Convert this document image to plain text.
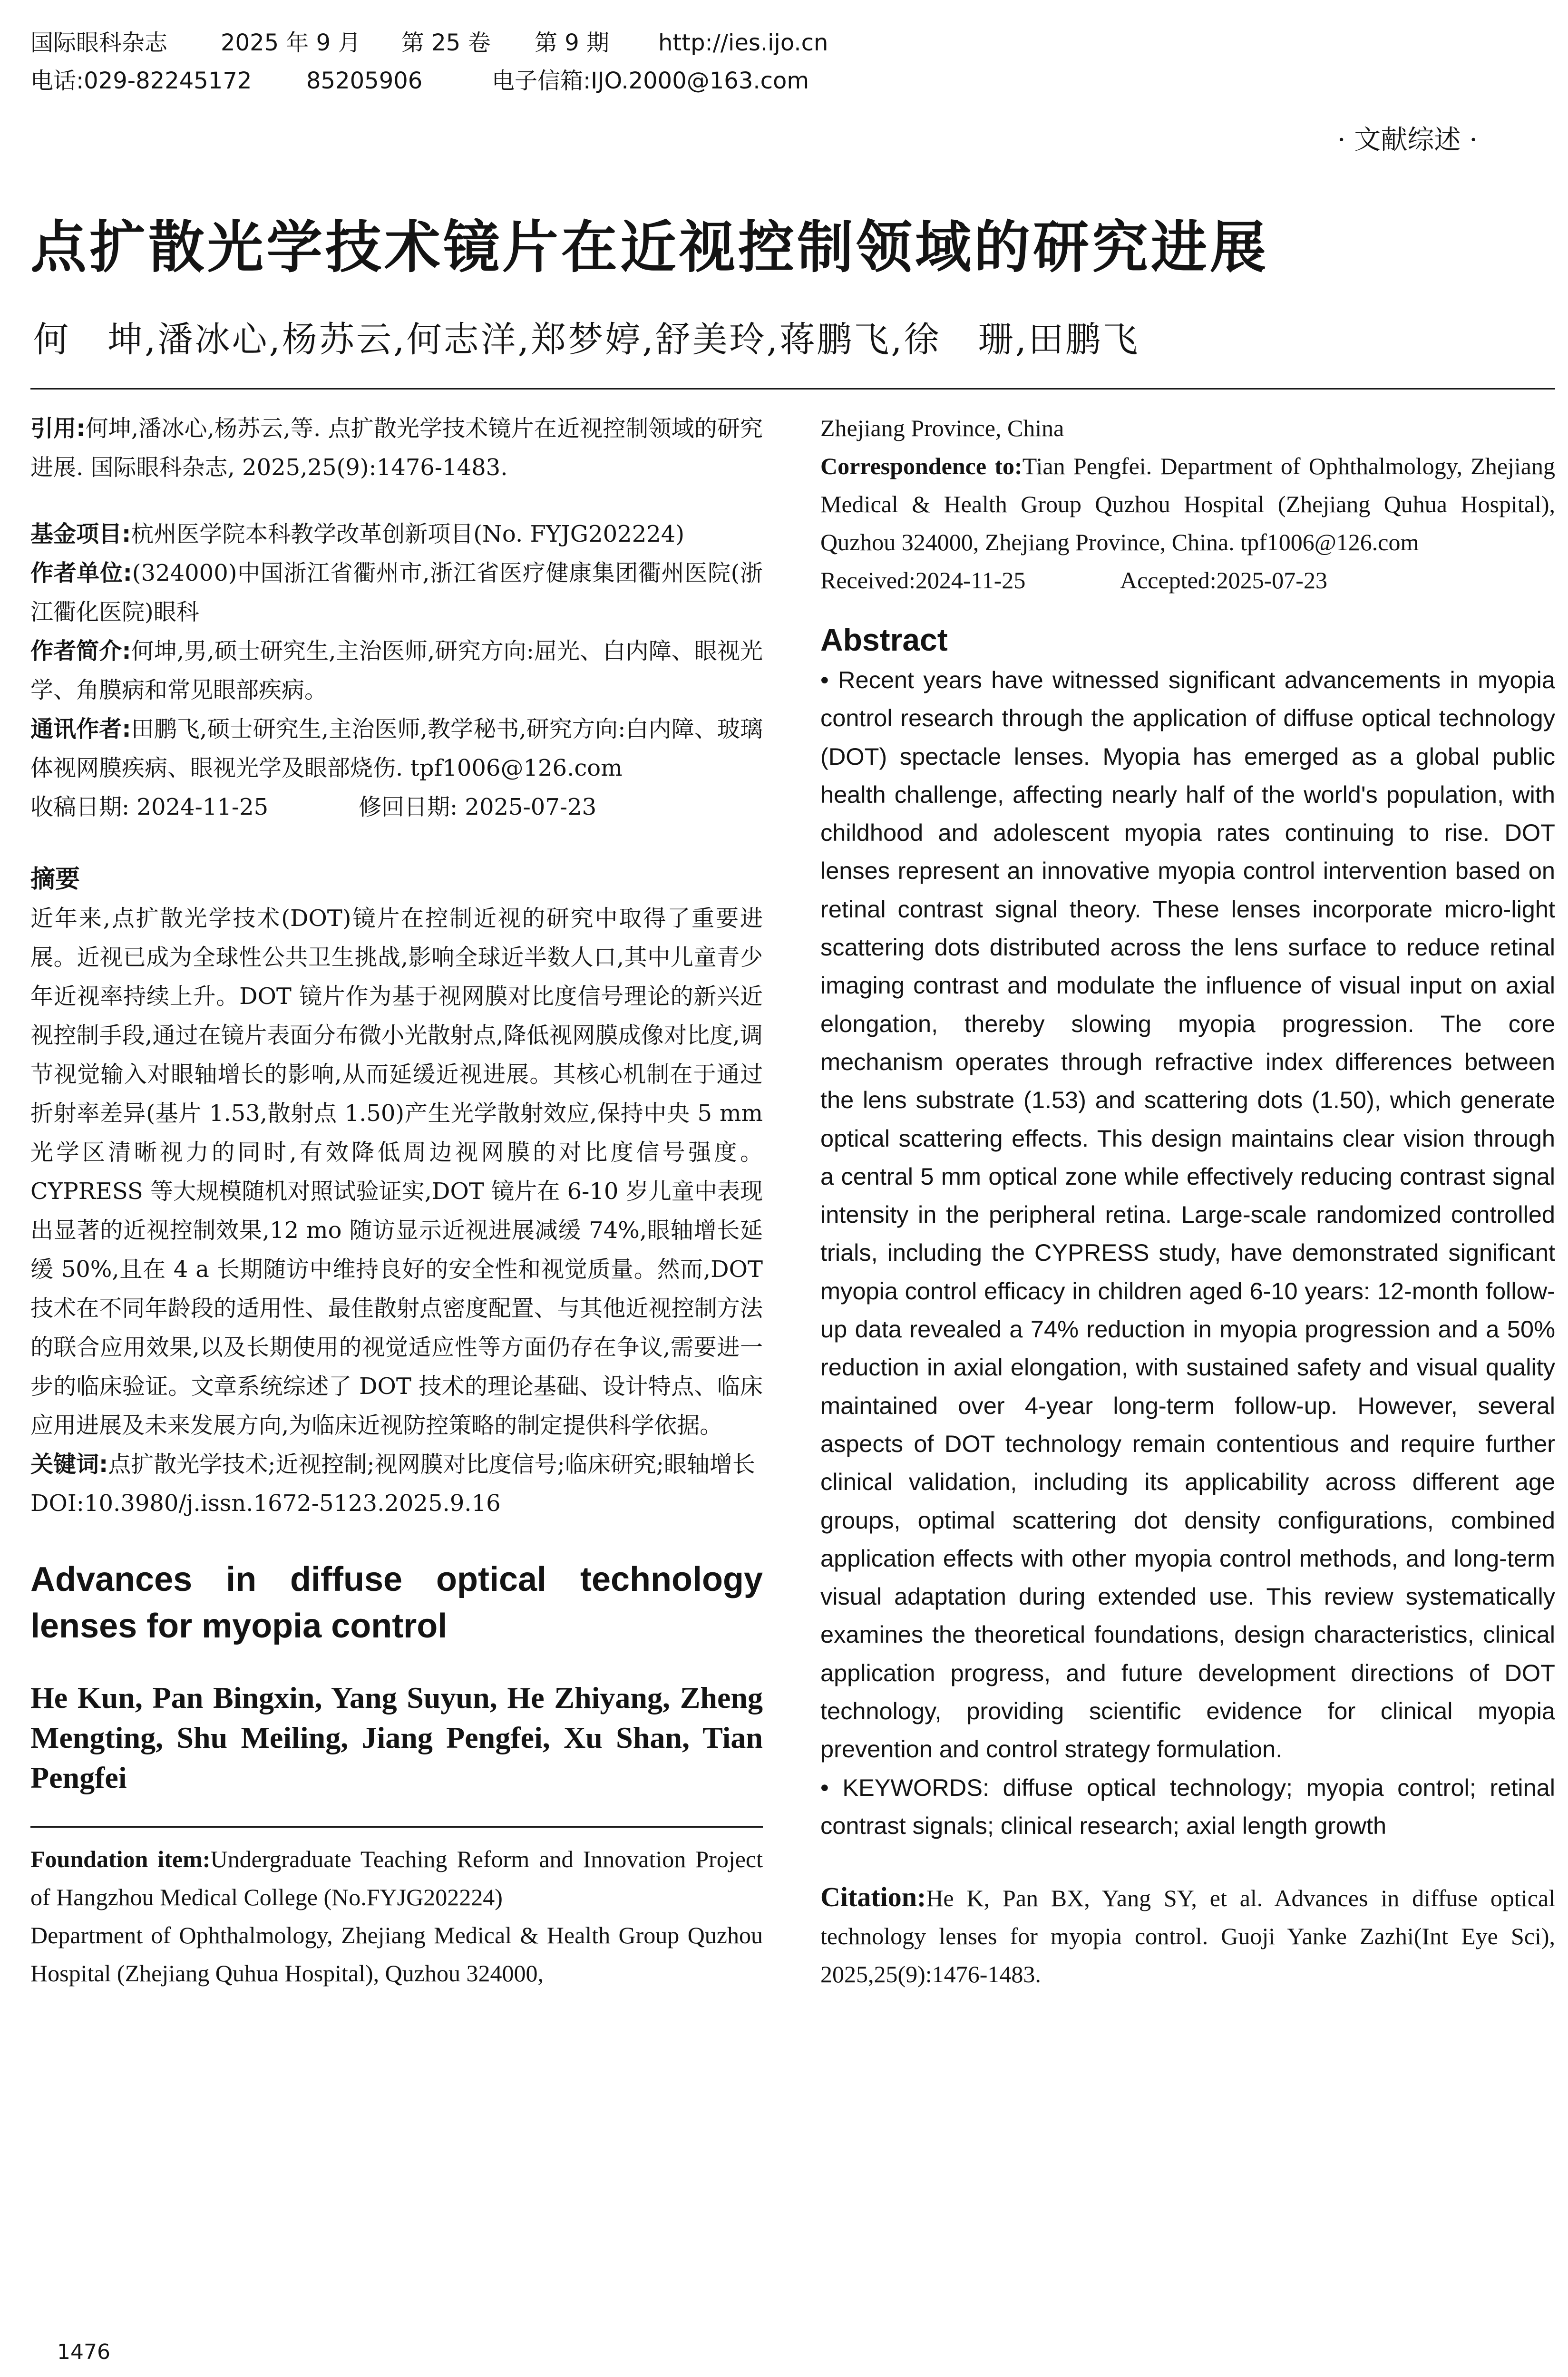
国际眼科杂志 2025 年 9 月 第 25 卷 第 9 期 http://ies.ijo.cn
电话:029-82245172 85205906	电子信箱:IJO.2000@163.com
· 文献综述 ·
点扩散光学技术镜片在近视控制领域的研究进展
何　坤,潘冰心,杨苏云,何志洋,郑梦婷,舒美玲,蒋鹏飞,徐　珊,田鹏飞
引用:何坤,潘冰心,杨苏云,等. 点扩散光学技术镜片在近视控制领域的研究进展. 国际眼科杂志, 2025,25(9):1476-1483.
基金项目:杭州医学院本科教学改革创新项目(No. FYJG202224)
作者单位:(324000)中国浙江省衢州市,浙江省医疗健康集团衢州医院(浙江衢化医院)眼科
作者简介:何坤,男,硕士研究生,主治医师,研究方向:屈光、白内障、眼视光学、角膜病和常见眼部疾病。
通讯作者:田鹏飞,硕士研究生,主治医师,教学秘书,研究方向:白内障、玻璃体视网膜疾病、眼视光学及眼部烧伤. tpf1006@126.com
收稿日期: 2024-11-25	修回日期: 2025-07-23
摘要
近年来,点扩散光学技术(DOT)镜片在控制近视的研究中取得了重要进展。近视已成为全球性公共卫生挑战,影响全球近半数人口,其中儿童青少年近视率持续上升。DOT 镜片作为基于视网膜对比度信号理论的新兴近视控制手段,通过在镜片表面分布微小光散射点,降低视网膜成像对比度,调节视觉输入对眼轴增长的影响,从而延缓近视进展。其核心机制在于通过折射率差异(基片 1.53,散射点 1.50)产生光学散射效应,保持中央 5 mm 光学区清晰视力的同时,有效降低周边视网膜的对比度信号强度。CYPRESS 等大规模随机对照试验证实,DOT 镜片在 6-10 岁儿童中表现出显著的近视控制效果,12 mo 随访显示近视进展减缓 74%,眼轴增长延缓 50%,且在 4 a 长期随访中维持良好的安全性和视觉质量。然而,DOT 技术在不同年龄段的适用性、最佳散射点密度配置、与其他近视控制方法的联合应用效果,以及长期使用的视觉适应性等方面仍存在争议,需要进一步的临床验证。文章系统综述了 DOT 技术的理论基础、设计特点、临床应用进展及未来发展方向,为临床近视防控策略的制定提供科学依据。
关键词:点扩散光学技术;近视控制;视网膜对比度信号;临床研究;眼轴增长
DOI:10.3980/j.issn.1672-5123.2025.9.16
Advances in diffuse optical technology lenses for myopia control
He Kun, Pan Bingxin, Yang Suyun, He Zhiyang, Zheng Mengting, Shu Meiling, Jiang Pengfei, Xu Shan, Tian Pengfei
Foundation item:Undergraduate Teaching Reform and Innovation Project of Hangzhou Medical College (No.FYJG202224)
Department of Ophthalmology, Zhejiang Medical & Health Group Quzhou Hospital (Zhejiang Quhua Hospital), Quzhou 324000,
Zhejiang Province, China
Correspondence to:Tian Pengfei. Department of Ophthalmology, Zhejiang Medical & Health Group Quzhou Hospital (Zhejiang Quhua Hospital), Quzhou 324000, Zhejiang Province, China. tpf1006@126.com
Received:2024-11-25	Accepted:2025-07-23
Abstract
• Recent years have witnessed significant advancements in myopia control research through the application of diffuse optical technology (DOT) spectacle lenses. Myopia has emerged as a global public health challenge, affecting nearly half of the world's population, with childhood and adolescent myopia rates continuing to rise. DOT lenses represent an innovative myopia control intervention based on retinal contrast signal theory. These lenses incorporate micro-light scattering dots distributed across the lens surface to reduce retinal imaging contrast and modulate the influence of visual input on axial elongation, thereby slowing myopia progression. The core mechanism operates through refractive index differences between the lens substrate (1.53) and scattering dots (1.50), which generate optical scattering effects. This design maintains clear vision through a central 5 mm optical zone while effectively reducing contrast signal intensity in the peripheral retina. Large-scale randomized controlled trials, including the CYPRESS study, have demonstrated significant myopia control efficacy in children aged 6-10 years: 12-month follow-up data revealed a 74% reduction in myopia progression and a 50% reduction in axial elongation, with sustained safety and visual quality maintained over 4-year long-term follow-up. However, several aspects of DOT technology remain contentious and require further clinical validation, including its applicability across different age groups, optimal scattering dot density configurations, combined application effects with other myopia control methods, and long-term visual adaptation during extended use. This review systematically examines the theoretical foundations, design characteristics, clinical application progress, and future development directions of DOT technology, providing scientific evidence for clinical myopia prevention and control strategy formulation.
• KEYWORDS: diffuse optical technology; myopia control; retinal contrast signals; clinical research; axial length growth
Citation:He K, Pan BX, Yang SY, et al. Advances in diffuse optical technology lenses for myopia control. Guoji Yanke Zazhi(Int Eye Sci), 2025,25(9):1476-1483.
1476
